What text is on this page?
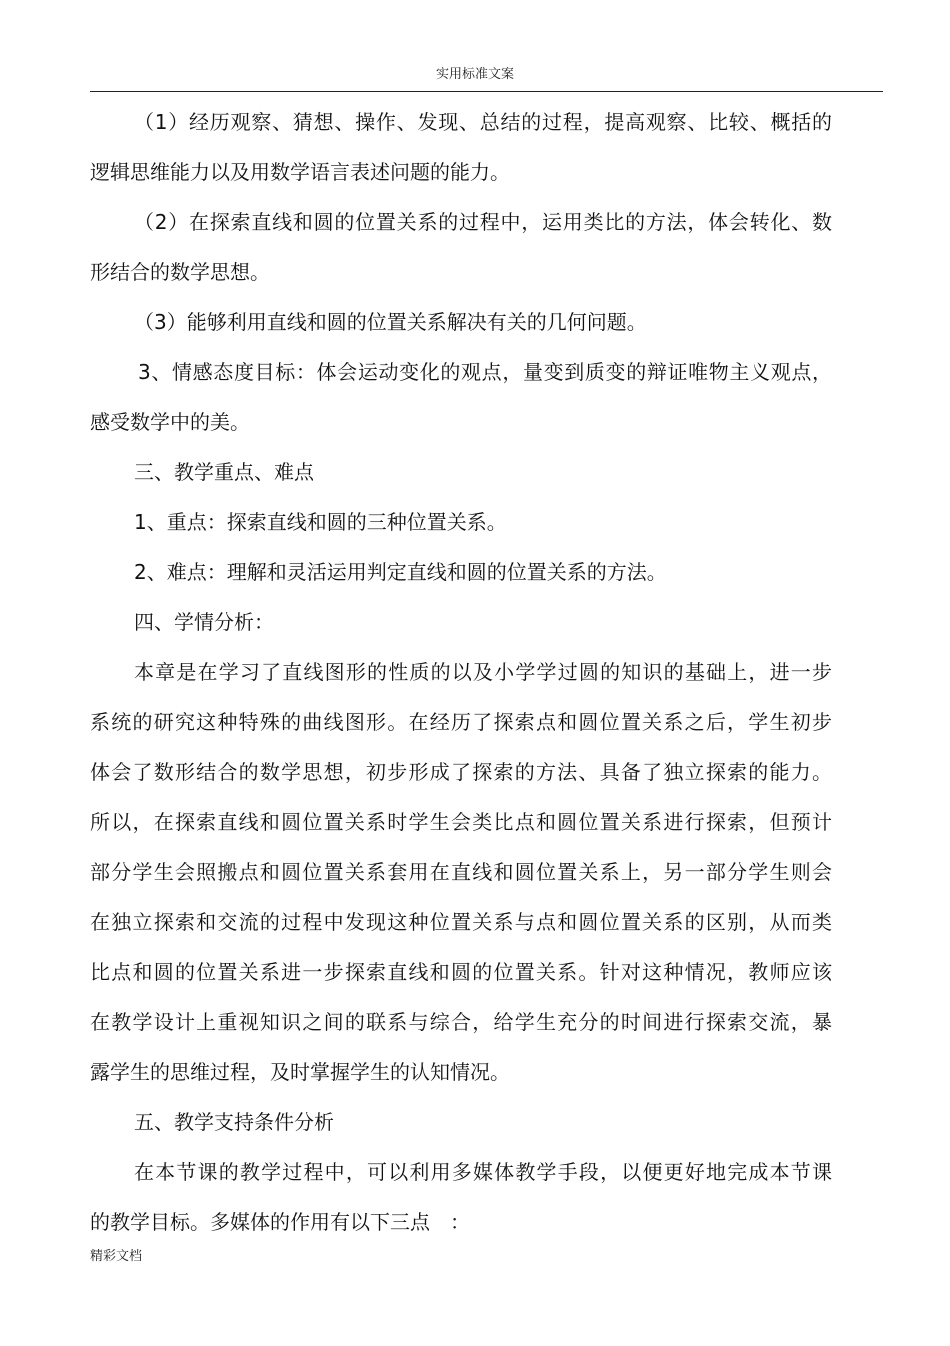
实用标准文案
（1）经历观察、猜想、操作、发现、总结的过程，提高观察、比较、概括的
逻辑思维能力以及用数学语言表述问题的能力。
（2）在探索直线和圆的位置关系的过程中，运用类比的方法，体会转化、数
形结合的数学思想。
（3）能够利用直线和圆的位置关系解决有关的几何问题。
3、情感态度目标：体会运动变化的观点，量变到质变的辩证唯物主义观点，
感受数学中的美。
三、教学重点、难点
1、重点：探索直线和圆的三种位置关系。
2、难点：理解和灵活运用判定直线和圆的位置关系的方法。
四、学情分析：
本章是在学习了直线图形的性质的以及小学学过圆的知识的基础上，进一步
系统的研究这种特殊的曲线图形。在经历了探索点和圆位置关系之后，学生初步
体会了数形结合的数学思想，初步形成了探索的方法、具备了独立探索的能力。
所以，在探索直线和圆位置关系时学生会类比点和圆位置关系进行探索，但预计
部分学生会照搬点和圆位置关系套用在直线和圆位置关系上，另一部分学生则会
在独立探索和交流的过程中发现这种位置关系与点和圆位置关系的区别，从而类
比点和圆的位置关系进一步探索直线和圆的位置关系。针对这种情况，教师应该
在教学设计上重视知识之间的联系与综合，给学生充分的时间进行探索交流，暴
露学生的思维过程，及时掌握学生的认知情况。
五、教学支持条件分析
在本节课的教学过程中，可以利用多媒体教学手段，以便更好地完成本节课
的教学目标。多媒体的作用有以下三点　：
精彩文档
